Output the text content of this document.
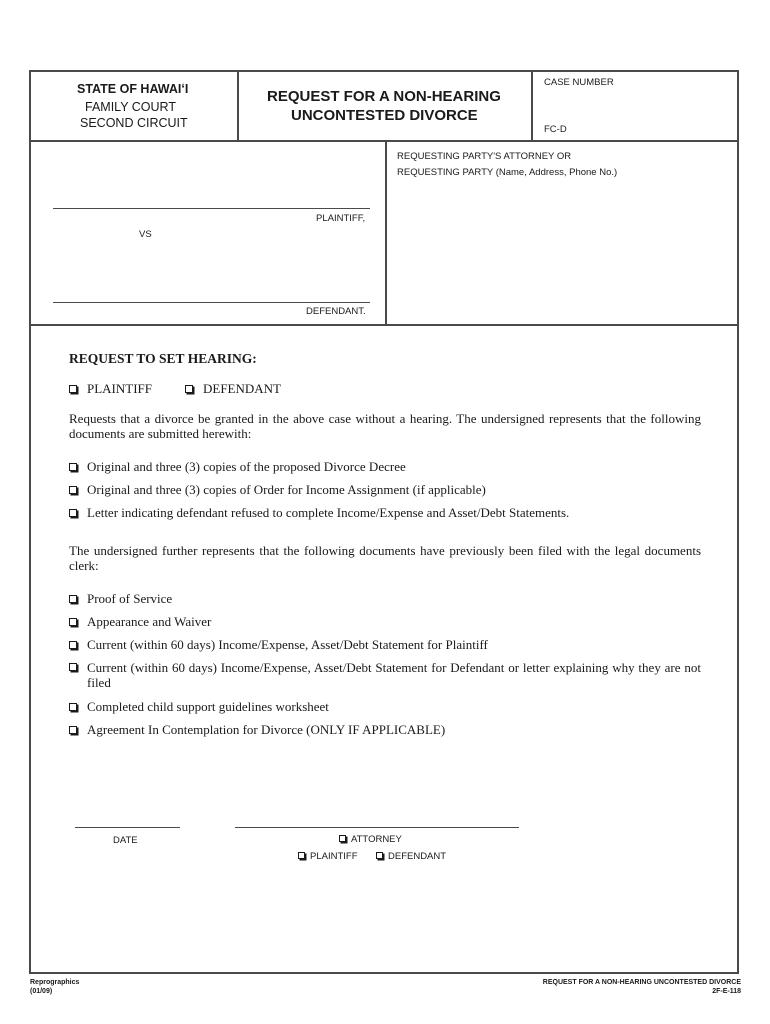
STATE OF HAWAIʻI
FAMILY COURT
SECOND CIRCUIT
REQUEST FOR A NON-HEARING
UNCONTESTED DIVORCE
CASE NUMBER
FC-D
REQUESTING PARTY'S ATTORNEY OR
REQUESTING PARTY (Name, Address, Phone No.)
PLAINTIFF,
VS
DEFENDANT.
REQUEST TO SET HEARING:
PLAINTIFF	DEFENDANT
Requests that a divorce be granted in the above case without a hearing. The undersigned represents that the following documents are submitted herewith:
Original and three (3) copies of the proposed Divorce Decree
Original and three (3) copies of Order for Income Assignment (if applicable)
Letter indicating defendant refused to complete Income/Expense and Asset/Debt Statements.
The undersigned further represents that the following documents have previously been filed with the legal documents clerk:
Proof of Service
Appearance and Waiver
Current (within 60 days) Income/Expense, Asset/Debt Statement for Plaintiff
Current (within 60 days) Income/Expense, Asset/Debt Statement for Defendant or letter explaining why they are not filed
Completed child support guidelines worksheet
Agreement In Contemplation for Divorce (ONLY IF APPLICABLE)
DATE	ATTORNEY
PLAINTIFF	DEFENDANT
Reprographics
(01/09)
REQUEST FOR A NON-HEARING UNCONTESTED DIVORCE
2F-E-118
